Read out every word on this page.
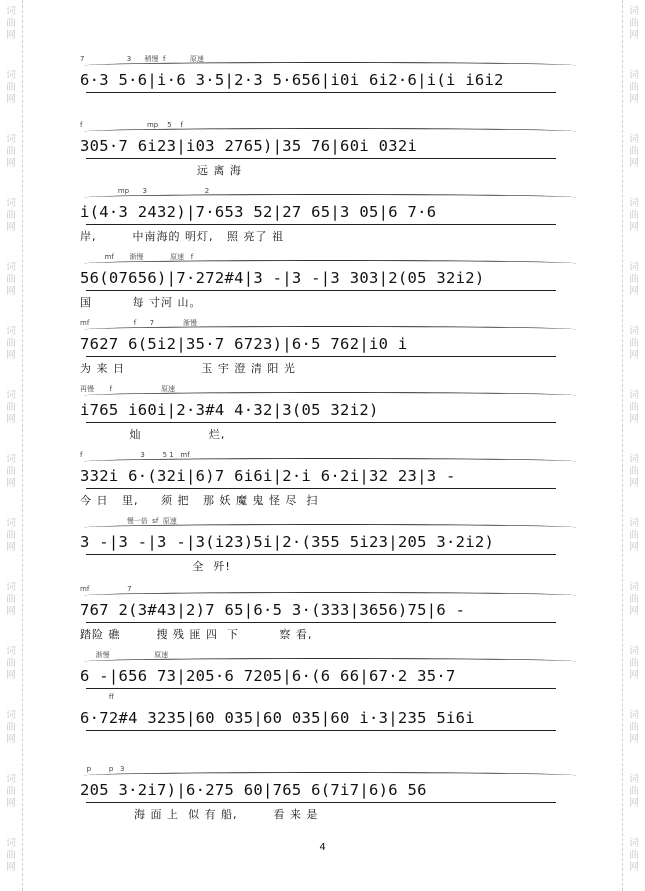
词
曲
网
词
曲
网
词
曲
网
词
曲
网
词
曲
网
词
曲
网
词
曲
网
词
曲
网
词
曲
网
词
曲
网
词
曲
网
词
曲
网
词
曲
网
词
曲
网
词
曲
网
词
曲
网
词
曲
网
词
曲
网
词
曲
网
词
曲
网
词
曲
网
词
曲
网
词
曲
网
词
曲
网
词
曲
网
词
曲
网
词
曲
网
词
曲
网
7                   3      稍慢  f           原速
6·3 5·6|i·6 3·5|2·3 5·656|i0i 6i2·6|i(i i6i2
f                             mp    5    f
305·7 6i23|i03 2765)|35 76|60i 032i
远 离 海
mp      3                          2
i(4·3 2432)|7·653 52|27 65|3 05|6 7·6
岸,        中南海的 明灯,   照 亮了 祖
mf       渐慢            原速   f
56(07656)|7·272#4|3 -|3 -|3 303|2(05 32i2)
国         每 寸河 山。
mf                    f      7             渐慢
7627 6(5i2|35·7 6723)|6·5 762|i0 i
为 来 日                 玉 宇 澄 清 阳 光
再慢       f                      原速
i765 i60i|2·3#4 4·32|3(05 32i2)
灿               烂,
f                          3        5 1   mf
332i 6·(32i|6)7 6i6i|2·i 6·2i|32 23|3 -
今 日   里,     须 把   那 妖 魔 鬼 怪 尽  扫
慢一倍  sf  原速
3 -|3 -|3 -|3(i23)5i|2·(355 5i23|205 3·2i2)
全  歼!
mf                 7
767 2(3#43|2)7 65|6·5 3·(333|3656)75|6 -
踏险 礁        搜 残 匪 四  下         察 看,
渐慢                    原速
6 -|656 73|205·6 7205|6·(6 66|67·2 35·7
ff
6·72#4 3235|60 035|60 035|60 i·3|235 5i6i
p        p   3
205 3·2i7)|6·275 60|765 6(7i7|6)6 56
海 面 上  似 有 船,        看 来 是
4
